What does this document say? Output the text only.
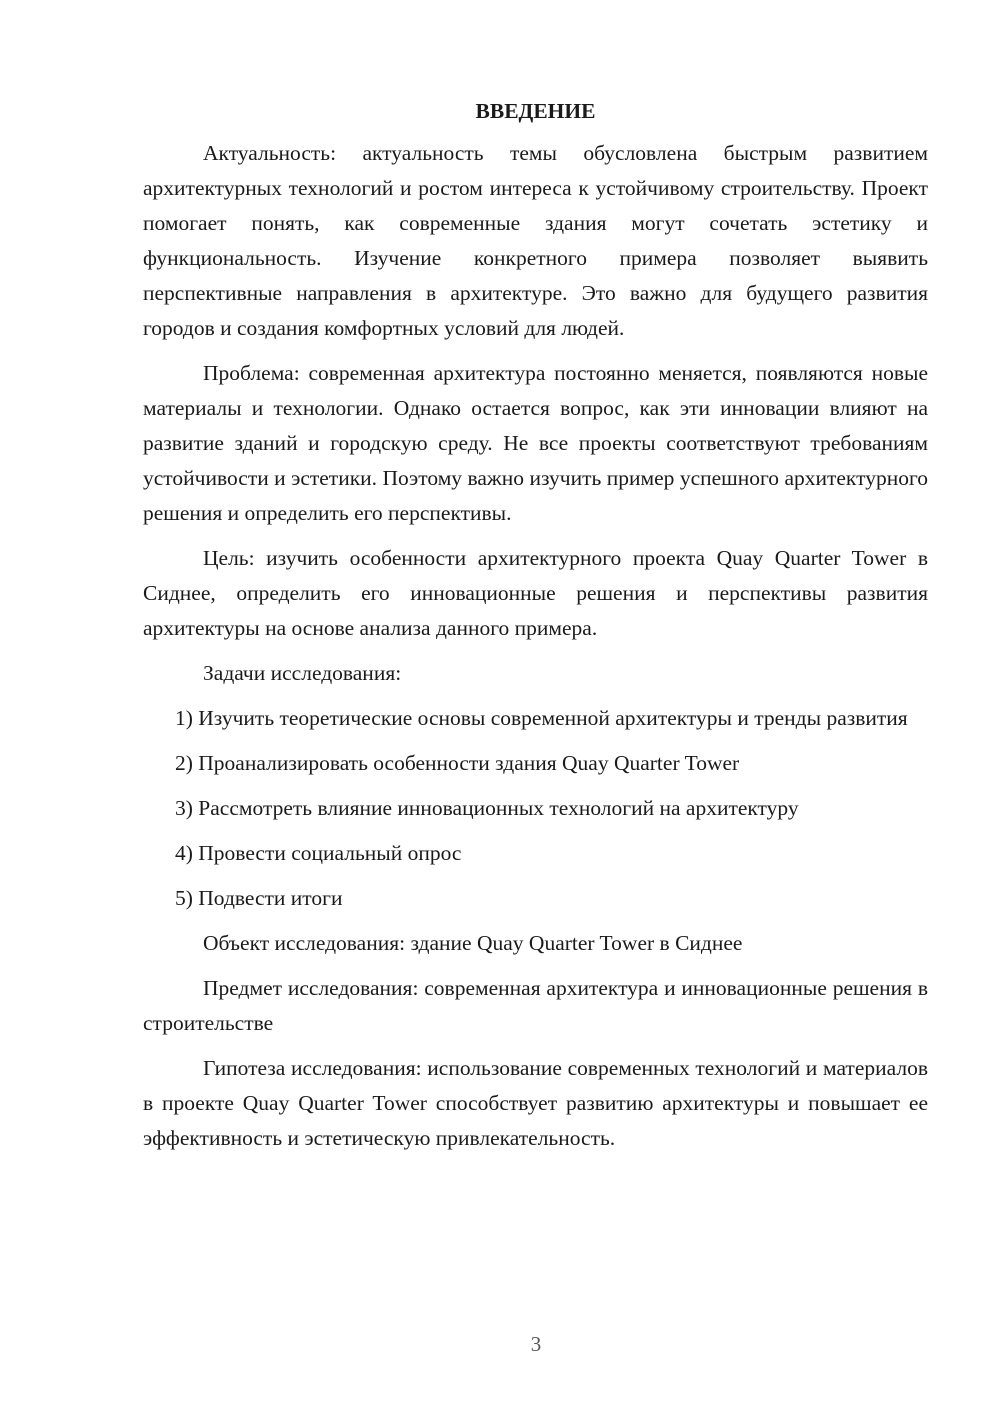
ВВЕДЕНИЕ

Актуальность: актуальность темы обусловлена быстрым развитием архитектурных технологий и ростом интереса к устойчивому строительству. Проект помогает понять, как современные здания могут сочетать эстетику и функциональность. Изучение конкретного примера позволяет выявить перспективные направления в архитектуре. Это важно для будущего развития городов и создания комфортных условий для людей.

Проблема: современная архитектура постоянно меняется, появляются новые материалы и технологии. Однако остается вопрос, как эти инновации влияют на развитие зданий и городскую среду. Не все проекты соответствуют требованиям устойчивости и эстетики. Поэтому важно изучить пример успешного архитектурного решения и определить его перспективы.

Цель: изучить особенности архитектурного проекта Quay Quarter Tower в Сиднее, определить его инновационные решения и перспективы развития архитектуры на основе анализа данного примера.

Задачи исследования:

1) Изучить теоретические основы современной архитектуры и тренды развития

2) Проанализировать особенности здания Quay Quarter Tower

3) Рассмотреть влияние инновационных технологий на архитектуру

4) Провести социальный опрос

5) Подвести итоги

Объект исследования: здание Quay Quarter Tower в Сиднее

Предмет исследования: современная архитектура и инновационные решения в строительстве

Гипотеза исследования: использование современных технологий и материалов в проекте Quay Quarter Tower способствует развитию архитектуры и повышает ее эффективность и эстетическую привлекательность.

3
